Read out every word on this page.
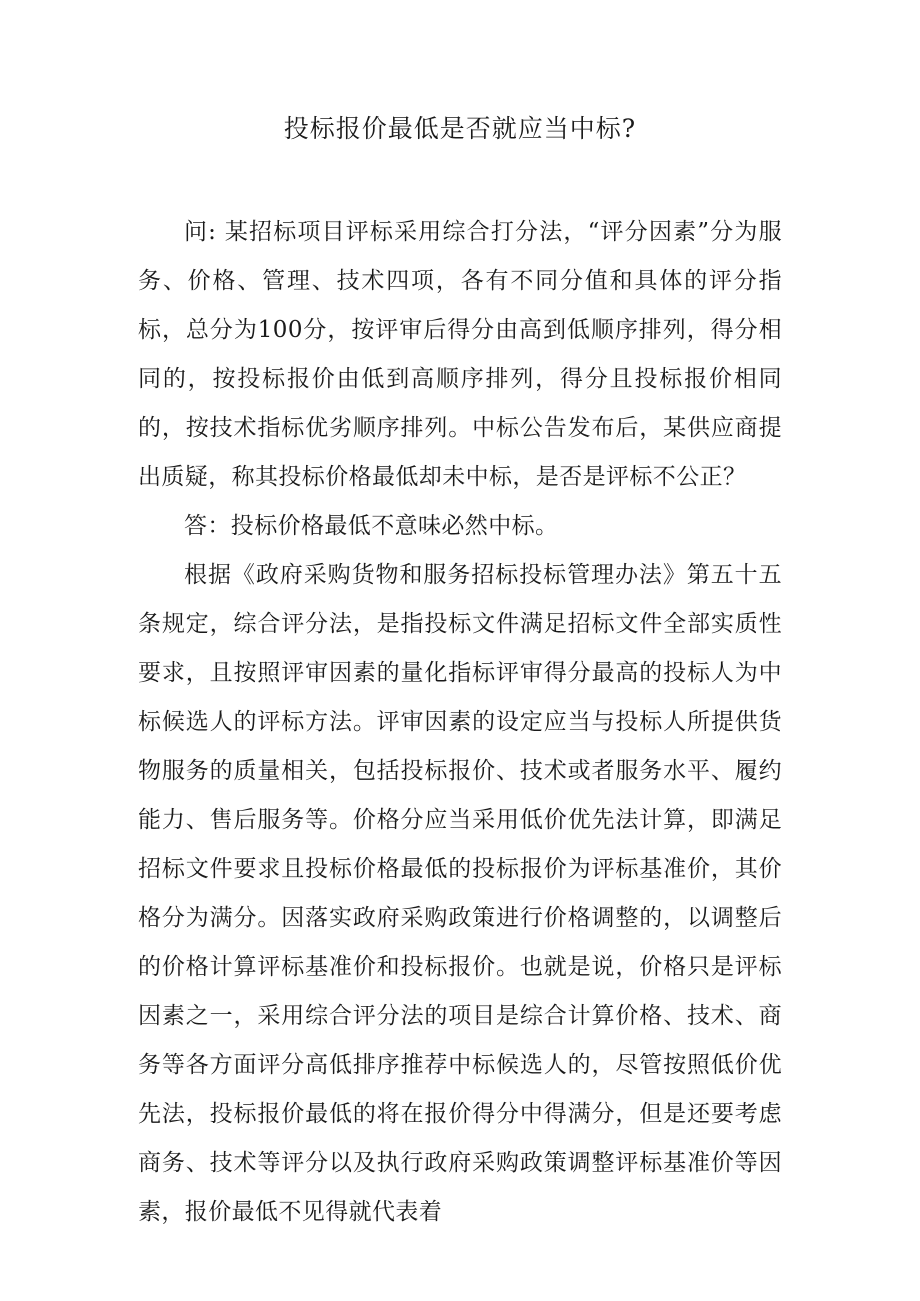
投标报价最低是否就应当中标?

问: 某招标项目评标采用综合打分法，“评分因素”分为服务、价格、管理、技术四项，各有不同分值和具体的评分指标，总分为100分，按评审后得分由高到低顺序排列，得分相同的，按投标报价由低到高顺序排列，得分且投标报价相同的，按技术指标优劣顺序排列。中标公告发布后，某供应商提出质疑，称其投标价格最低却未中标，是否是评标不公正？

答：投标价格最低不意味必然中标。

根据《政府采购货物和服务招标投标管理办法》第五十五条规定，综合评分法，是指投标文件满足招标文件全部实质性要求，且按照评审因素的量化指标评审得分最高的投标人为中标候选人的评标方法。评审因素的设定应当与投标人所提供货物服务的质量相关，包括投标报价、技术或者服务水平、履约能力、售后服务等。价格分应当采用低价优先法计算，即满足招标文件要求且投标价格最低的投标报价为评标基准价，其价格分为满分。因落实政府采购政策进行价格调整的，以调整后的价格计算评标基准价和投标报价。也就是说，价格只是评标因素之一，采用综合评分法的项目是综合计算价格、技术、商务等各方面评分高低排序推荐中标候选人的，尽管按照低价优先法，投标报价最低的将在报价得分中得满分，但是还要考虑商务、技术等评分以及执行政府采购政策调整评标基准价等因素，报价最低不见得就代表着
